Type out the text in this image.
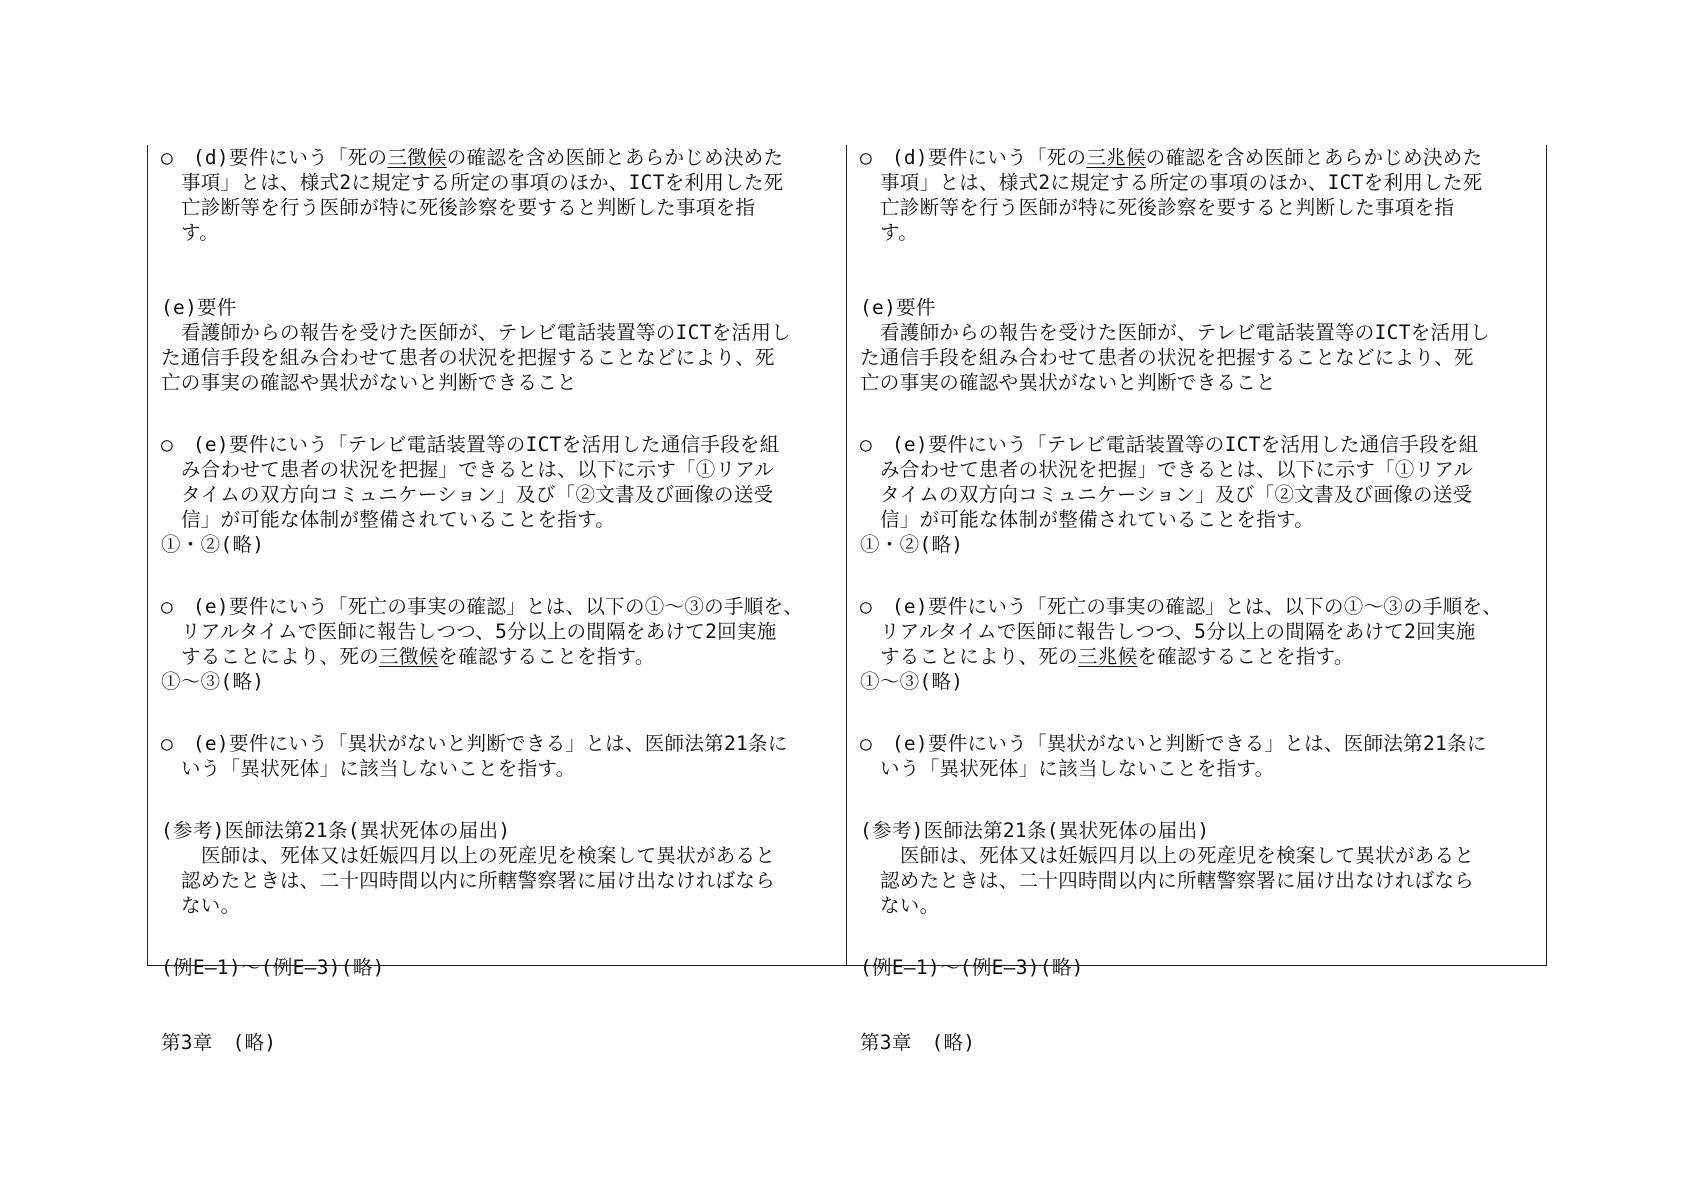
○　(d)要件にいう「死の三徴候の確認を含め医師とあらかじめ決めた
事項」とは、様式2に規定する所定の事項のほか、ICTを利用した死
亡診断等を行う医師が特に死後診察を要すると判断した事項を指
す。
(e)要件
看護師からの報告を受けた医師が、テレビ電話装置等のICTを活用し
た通信手段を組み合わせて患者の状況を把握することなどにより、死
亡の事実の確認や異状がないと判断できること
○　(e)要件にいう「テレビ電話装置等のICTを活用した通信手段を組
み合わせて患者の状況を把握」できるとは、以下に示す「①リアル
タイムの双方向コミュニケーション」及び「②文書及び画像の送受
信」が可能な体制が整備されていることを指す。
①・②(略)
○　(e)要件にいう「死亡の事実の確認」とは、以下の①～③の手順を、
リアルタイムで医師に報告しつつ、5分以上の間隔をあけて2回実施
することにより、死の三徴候を確認することを指す。
①～③(略)
○　(e)要件にいう「異状がないと判断できる」とは、医師法第21条に
いう「異状死体」に該当しないことを指す。
(参考)医師法第21条(異状死体の届出)
医師は、死体又は妊娠四月以上の死産児を検案して異状があると
認めたときは、二十四時間以内に所轄警察署に届け出なければなら
ない。
(例E―1)～(例E―3)(略)
第3章　(略)
○　(d)要件にいう「死の三兆候の確認を含め医師とあらかじめ決めた
事項」とは、様式2に規定する所定の事項のほか、ICTを利用した死
亡診断等を行う医師が特に死後診察を要すると判断した事項を指
す。
(e)要件
看護師からの報告を受けた医師が、テレビ電話装置等のICTを活用し
た通信手段を組み合わせて患者の状況を把握することなどにより、死
亡の事実の確認や異状がないと判断できること
○　(e)要件にいう「テレビ電話装置等のICTを活用した通信手段を組
み合わせて患者の状況を把握」できるとは、以下に示す「①リアル
タイムの双方向コミュニケーション」及び「②文書及び画像の送受
信」が可能な体制が整備されていることを指す。
①・②(略)
○　(e)要件にいう「死亡の事実の確認」とは、以下の①～③の手順を、
リアルタイムで医師に報告しつつ、5分以上の間隔をあけて2回実施
することにより、死の三兆候を確認することを指す。
①～③(略)
○　(e)要件にいう「異状がないと判断できる」とは、医師法第21条に
いう「異状死体」に該当しないことを指す。
(参考)医師法第21条(異状死体の届出)
医師は、死体又は妊娠四月以上の死産児を検案して異状があると
認めたときは、二十四時間以内に所轄警察署に届け出なければなら
ない。
(例E―1)～(例E―3)(略)
第3章　(略)
